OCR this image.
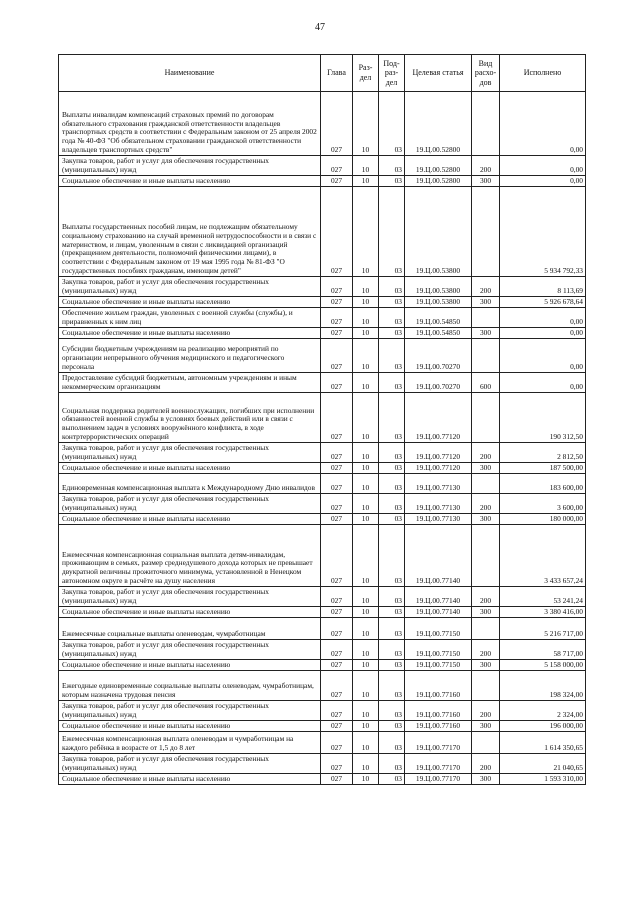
47
Наименование	Глава	Раз-дел	Под-раз-дел	Целевая статья	Вид расхо-дов	Исполнено
Выплаты инвалидам компенсаций страховых премий по договорам обязательного страхования гражданской ответственности владельцев транспортных средств в соответствии с Федеральным законом от 25 апреля 2002 года № 40-ФЗ "Об обязательном страховании гражданской ответственности владельцев транспортных средств"	027	10	03	19.Ц.00.52800		0,00
Закупка товаров, работ и услуг для обеспечения государственных (муниципальных) нужд	027	10	03	19.Ц.00.52800	200	0,00
Социальное обеспечение и иные выплаты населению	027	10	03	19.Ц.00.52800	300	0,00
Выплаты государственных пособий лицам, не подлежащим обязательному социальному страхованию на случай временной нетрудоспособности и в связи с материнством, и лицам, уволенным в связи с ликвидацией организаций (прекращением деятельности, полномочий физическими лицами), в соответствии с Федеральным законом от 19 мая 1995 года № 81-ФЗ "О государственных пособиях гражданам, имеющим детей"	027	10	03	19.Ц.00.53800		5 934 792,33
Закупка товаров, работ и услуг для обеспечения государственных (муниципальных) нужд	027	10	03	19.Ц.00.53800	200	8 113,69
Социальное обеспечение и иные выплаты населению	027	10	03	19.Ц.00.53800	300	5 926 678,64
Обеспечение жильем граждан, уволенных с военной службы (службы), и приравненных к ним лиц	027	10	03	19.Ц.00.54850		0,00
Социальное обеспечение и иные выплаты населению	027	10	03	19.Ц.00.54850	300	0,00
Субсидии бюджетным учреждениям на реализацию мероприятий по организации непрерывного обучения медицинского и педагогического персонала	027	10	03	19.Ц.00.70270		0,00
Предоставление субсидий бюджетным, автономным учреждениям и иным некоммерческим организациям	027	10	03	19.Ц.00.70270	600	0,00
Социальная поддержка родителей военнослужащих, погибших при исполнении обязанностей военной службы в условиях боевых действий или в связи с выполнением задач в условиях вооружённого конфликта, в ходе контртеррористических операций	027	10	03	19.Ц.00.77120		190 312,50
Закупка товаров, работ и услуг для обеспечения государственных (муниципальных) нужд	027	10	03	19.Ц.00.77120	200	2 812,50
Социальное обеспечение и иные выплаты населению	027	10	03	19.Ц.00.77120	300	187 500,00
Единовременная компенсационная выплата к Международному Дню инвалидов	027	10	03	19.Ц.00.77130		183 600,00
Закупка товаров, работ и услуг для обеспечения государственных (муниципальных) нужд	027	10	03	19.Ц.00.77130	200	3 600,00
Социальное обеспечение и иные выплаты населению	027	10	03	19.Ц.00.77130	300	180 000,00
Ежемесячная компенсационная социальная выплата детям-инвалидам, проживающим в семьях, размер среднедушевого дохода которых не превышает двукратной величины прожиточного минимума, установленной в Ненецком автономном округе в расчёте на душу населения	027	10	03	19.Ц.00.77140		3 433 657,24
Закупка товаров, работ и услуг для обеспечения государственных (муниципальных) нужд	027	10	03	19.Ц.00.77140	200	53 241,24
Социальное обеспечение и иные выплаты населению	027	10	03	19.Ц.00.77140	300	3 380 416,00
Ежемесячные социальные выплаты оленеводам, чумработницам	027	10	03	19.Ц.00.77150		5 216 717,00
Закупка товаров, работ и услуг для обеспечения государственных (муниципальных) нужд	027	10	03	19.Ц.00.77150	200	58 717,00
Социальное обеспечение и иные выплаты населению	027	10	03	19.Ц.00.77150	300	5 158 000,00
Ежегодные единовременные социальные выплаты оленеводам, чумработницам, которым назначена трудовая пенсия	027	10	03	19.Ц.00.77160		198 324,00
Закупка товаров, работ и услуг для обеспечения государственных (муниципальных) нужд	027	10	03	19.Ц.00.77160	200	2 324,00
Социальное обеспечение и иные выплаты населению	027	10	03	19.Ц.00.77160	300	196 000,00
Ежемесячная компенсационная выплата оленеводам и чумработницам на каждого ребёнка в возрасте от 1,5 до 8 лет	027	10	03	19.Ц.00.77170		1 614 350,65
Закупка товаров, работ и услуг для обеспечения государственных (муниципальных) нужд	027	10	03	19.Ц.00.77170	200	21 040,65
Социальное обеспечение и иные выплаты населению	027	10	03	19.Ц.00.77170	300	1 593 310,00
